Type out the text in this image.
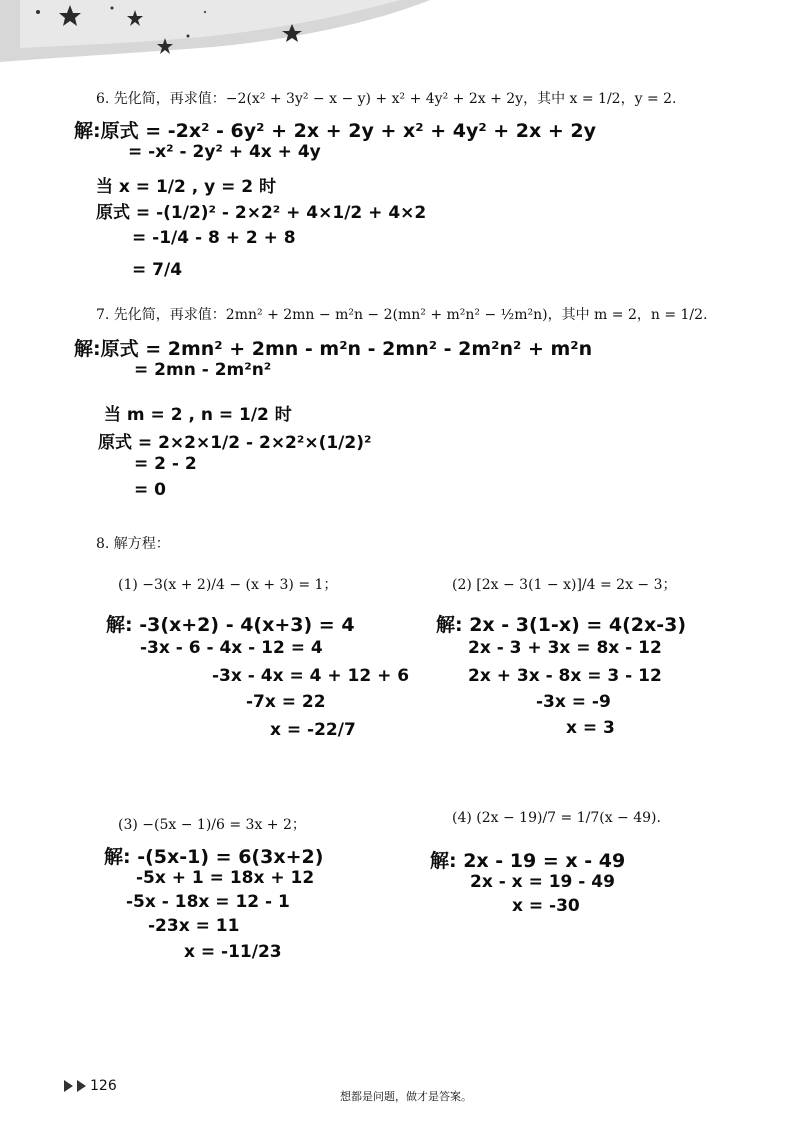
6. 先化简，再求值：−2(x² + 3y² − x − y) + x² + 4y² + 2x + 2y，其中 x = 1/2，y = 2.
解:原式 = -2x² - 6y² + 2x + 2y + x² + 4y² + 2x + 2y
= -x² - 2y² + 4x + 4y
当 x = 1/2 , y = 2 时
原式 = -(1/2)² - 2×2² + 4×1/2 + 4×2
= -1/4 - 8 + 2 + 8
= 7/4
7. 先化简，再求值：2mn² + 2mn − m²n − 2(mn² + m²n² − ½m²n)，其中 m = 2，n = 1/2.
解:原式 = 2mn² + 2mn - m²n - 2mn² - 2m²n² + m²n
= 2mn - 2m²n²
当 m = 2 , n = 1/2 时
原式 = 2×2×1/2 - 2×2²×(1/2)²
= 2 - 2
= 0
8. 解方程：
(1) −3(x + 2)/4 − (x + 3) = 1；
解: -3(x+2) - 4(x+3) = 4
-3x - 6 - 4x - 12 = 4
-3x - 4x = 4 + 12 + 6
-7x = 22
x = -22/7
(2) [2x − 3(1 − x)]/4 = 2x − 3；
解: 2x - 3(1-x) = 4(2x-3)
2x - 3 + 3x = 8x - 12
2x + 3x - 8x = 3 - 12
-3x = -9
x = 3
(3) −(5x − 1)/6 = 3x + 2；
解: -(5x-1) = 6(3x+2)
-5x + 1 = 18x + 12
-5x - 18x = 12 - 1
-23x = 11
x = -11/23
(4) (2x − 19)/7 = 1/7(x − 49).
解: 2x - 19 = x - 49
2x - x = 19 - 49
x = -30
126
想都是问题，做才是答案。
